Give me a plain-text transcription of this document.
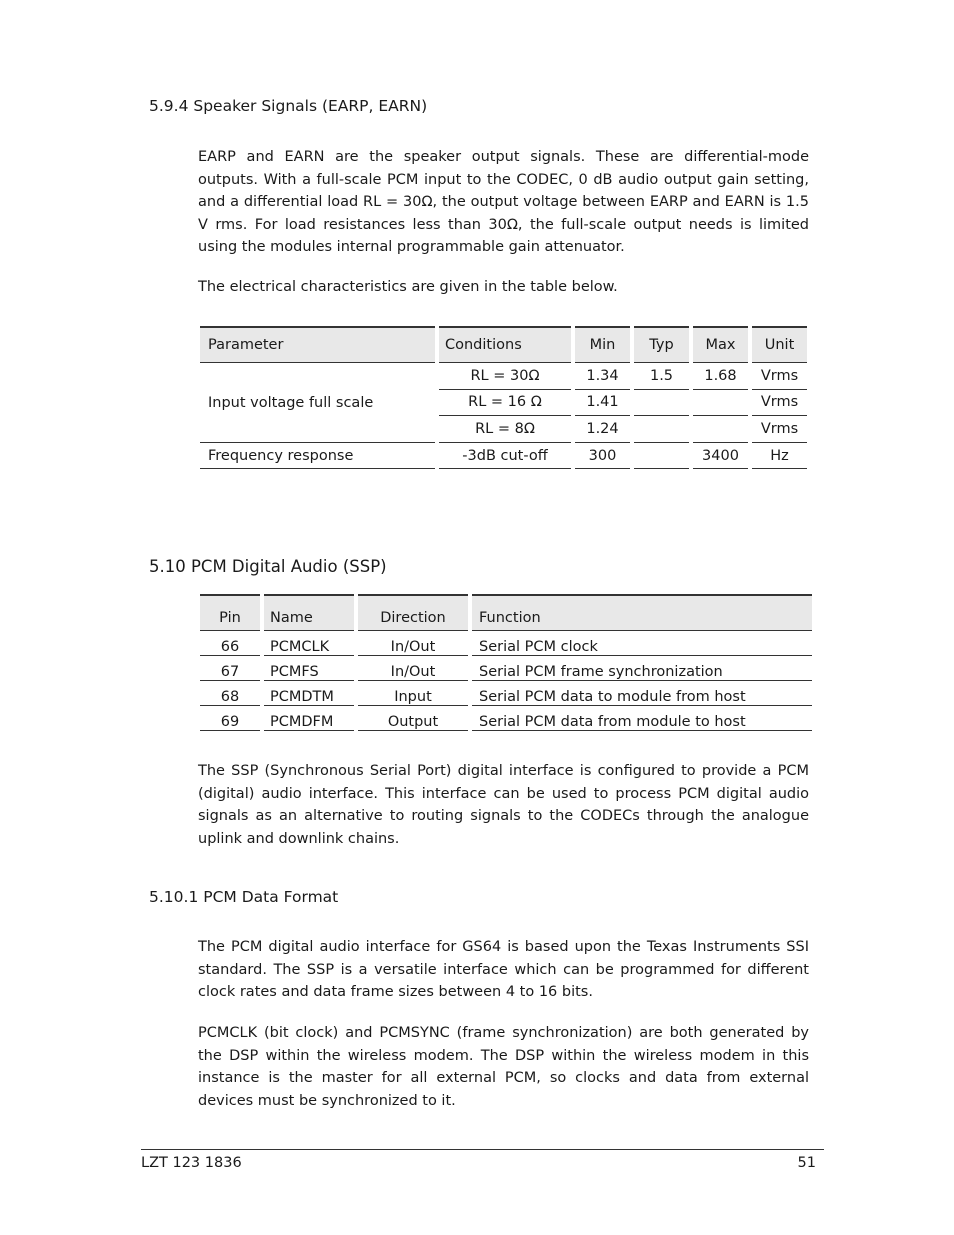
5.9.4 Speaker Signals (EARP, EARN)

EARP and EARN are the speaker output signals. These are differential-mode outputs. With a full-scale PCM input to the CODEC, 0 dB audio output gain setting, and a differential load RL = 30Ω, the output voltage between EARP and EARN is 1.5 V rms. For load resistances less than 30Ω, the full-scale output needs is limited using the modules internal programmable gain attenuator.

The electrical characteristics are given in the table below.

Parameter	Conditions	Min	Typ	Max	Unit
Input voltage full scale	RL = 30Ω	1.34	1.5	1.68	Vrms
	RL = 16 Ω	1.41			Vrms
	RL = 8Ω	1.24			Vrms
Frequency response	-3dB cut-off	300		3400	Hz
5.10 PCM Digital Audio (SSP)
Pin	Name	Direction	Function
66	PCMCLK	In/Out	Serial PCM clock
67	PCMFS	In/Out	Serial PCM frame synchronization
68	PCMDTM	Input	Serial PCM data to module from host
69	PCMDFM	Output	Serial PCM data from module to host

The SSP (Synchronous Serial Port) digital interface is configured to provide a PCM (digital) audio interface. This interface can be used to process PCM digital audio signals as an alternative to routing signals to the CODECs through the analogue uplink and downlink chains.

5.10.1 PCM Data Format

The PCM digital audio interface for GS64 is based upon the Texas Instruments SSI standard. The SSP is a versatile interface which can be programmed for different clock rates and data frame sizes between 4 to 16 bits.

PCMCLK (bit clock) and PCMSYNC (frame synchronization) are both generated by the DSP within the wireless modem. The DSP within the wireless modem in this instance is the master for all external PCM, so clocks and data from external devices must be synchronized to it.

LZT 123 1836	51
